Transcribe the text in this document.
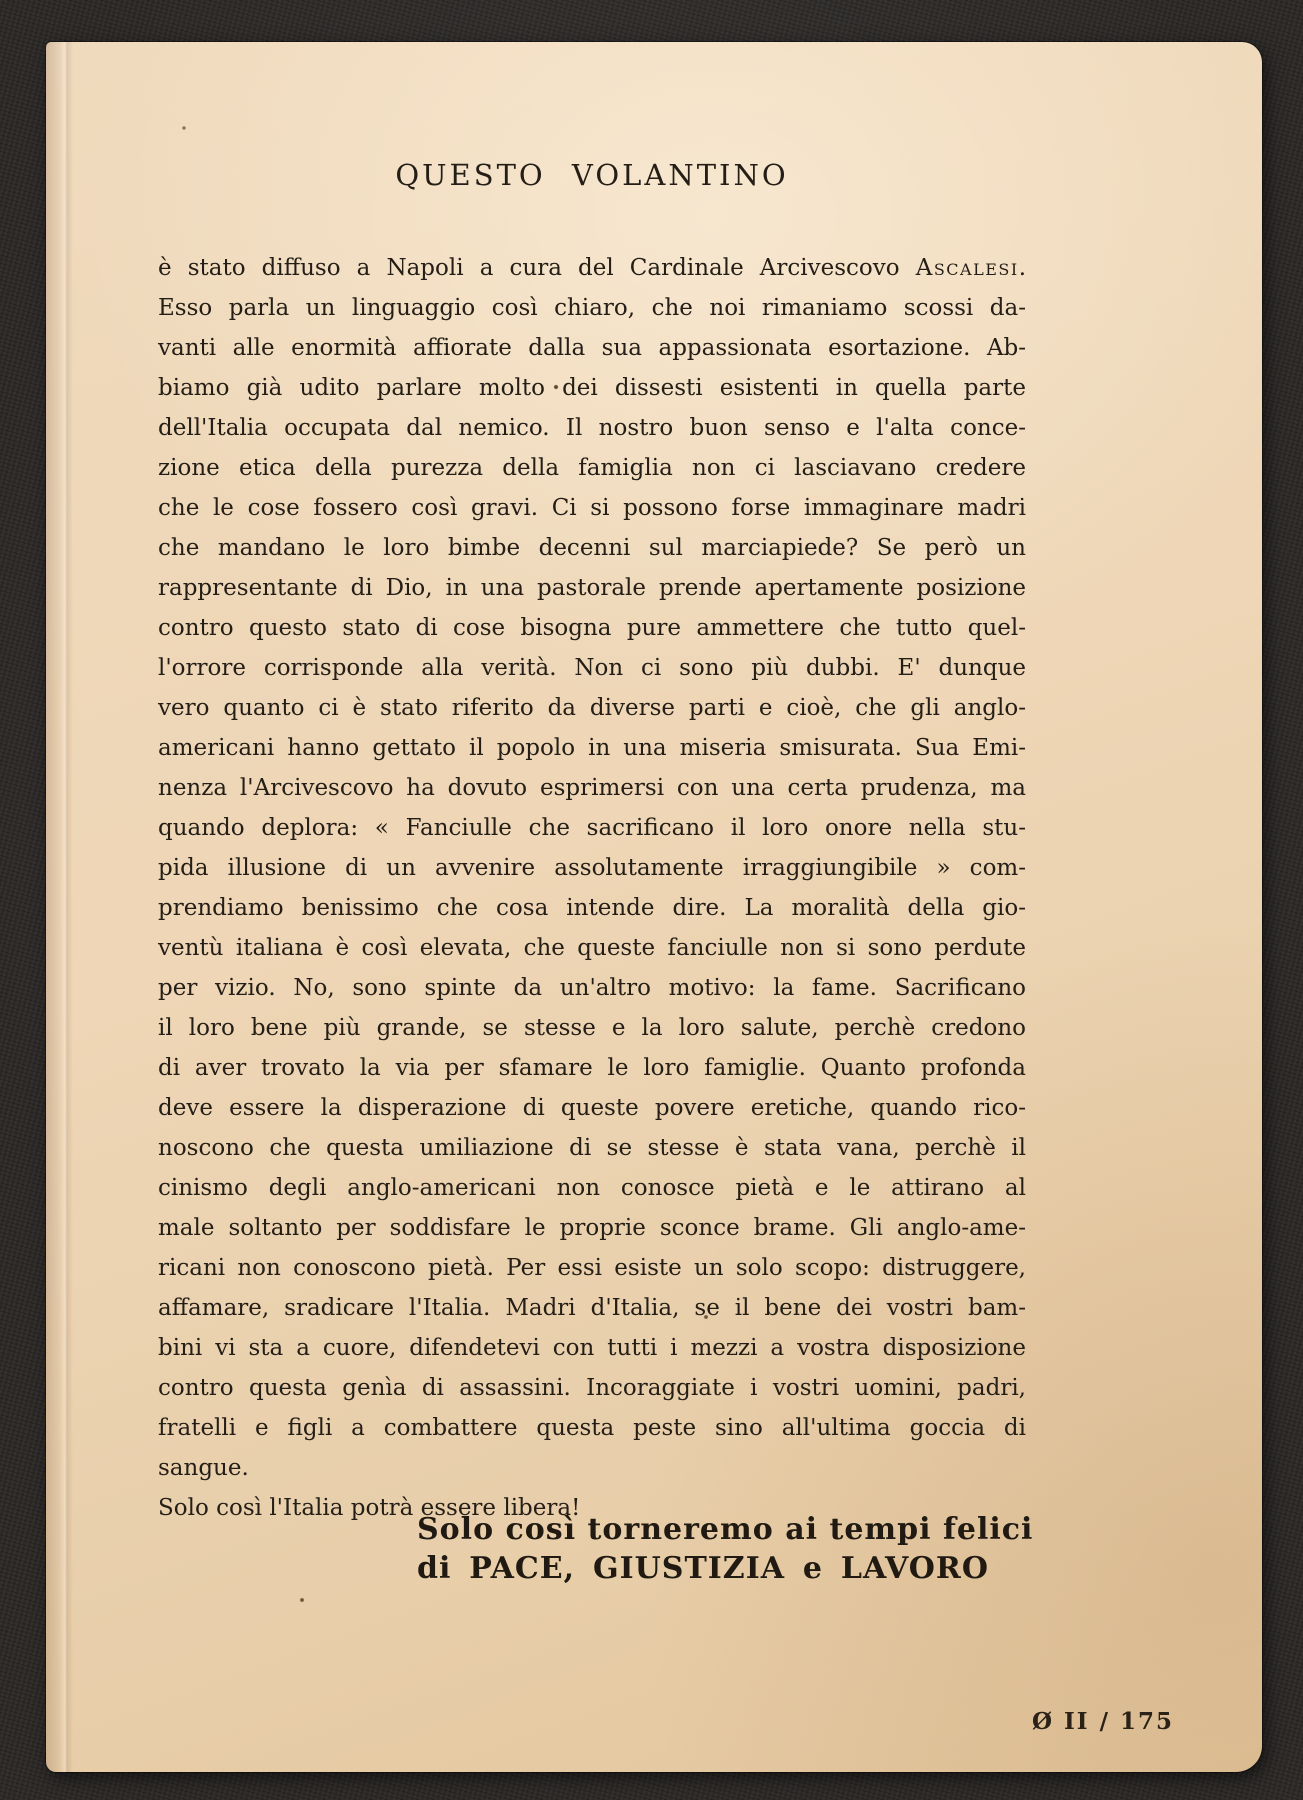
QUESTO VOLANTINO
è stato diffuso a Napoli a cura del Cardinale Arcivescovo Ascalesi.
Esso parla un linguaggio così chiaro, che noi rimaniamo scossi da-
vanti alle enormità affiorate dalla sua appassionata esortazione. Ab-
biamo già udito parlare molto dei dissesti esistenti in quella parte
dell'Italia occupata dal nemico. Il nostro buon senso e l'alta conce-
zione etica della purezza della famiglia non ci lasciavano credere
che le cose fossero così gravi. Ci si possono forse immaginare madri
che mandano le loro bimbe decenni sul marciapiede? Se però un
rappresentante di Dio, in una pastorale prende apertamente posizione
contro questo stato di cose bisogna pure ammettere che tutto quel-
l'orrore corrisponde alla verità. Non ci sono più dubbi. E' dunque
vero quanto ci è stato riferito da diverse parti e cioè, che gli anglo-
americani hanno gettato il popolo in una miseria smisurata. Sua Emi-
nenza l'Arcivescovo ha dovuto esprimersi con una certa prudenza, ma
quando deplora: « Fanciulle che sacrificano il loro onore nella stu-
pida illusione di un avvenire assolutamente irraggiungibile » com-
prendiamo benissimo che cosa intende dire. La moralità della gio-
ventù italiana è così elevata, che queste fanciulle non si sono perdute
per vizio. No, sono spinte da un'altro motivo: la fame. Sacrificano
il loro bene più grande, se stesse e la loro salute, perchè credono
di aver trovato la via per sfamare le loro famiglie. Quanto profonda
deve essere la disperazione di queste povere eretiche, quando rico-
noscono che questa umiliazione di se stesse è stata vana, perchè il
cinismo degli anglo-americani non conosce pietà e le attirano al
male soltanto per soddisfare le proprie sconce brame. Gli anglo-ame-
ricani non conoscono pietà. Per essi esiste un solo scopo: distruggere,
affamare, sradicare l'Italia. Madri d'Italia, se il bene dei vostri bam-
bini vi sta a cuore, difendetevi con tutti i mezzi a vostra disposizione
contro questa genìa di assassini. Incoraggiate i vostri uomini, padri,
fratelli e figli a combattere questa peste sino all'ultima goccia di
sangue.
Solo così l'Italia potrà essere libera!
Solo così torneremo ai tempi felici
di PACE, GIUSTIZIA e LAVORO
Ø II / 175
